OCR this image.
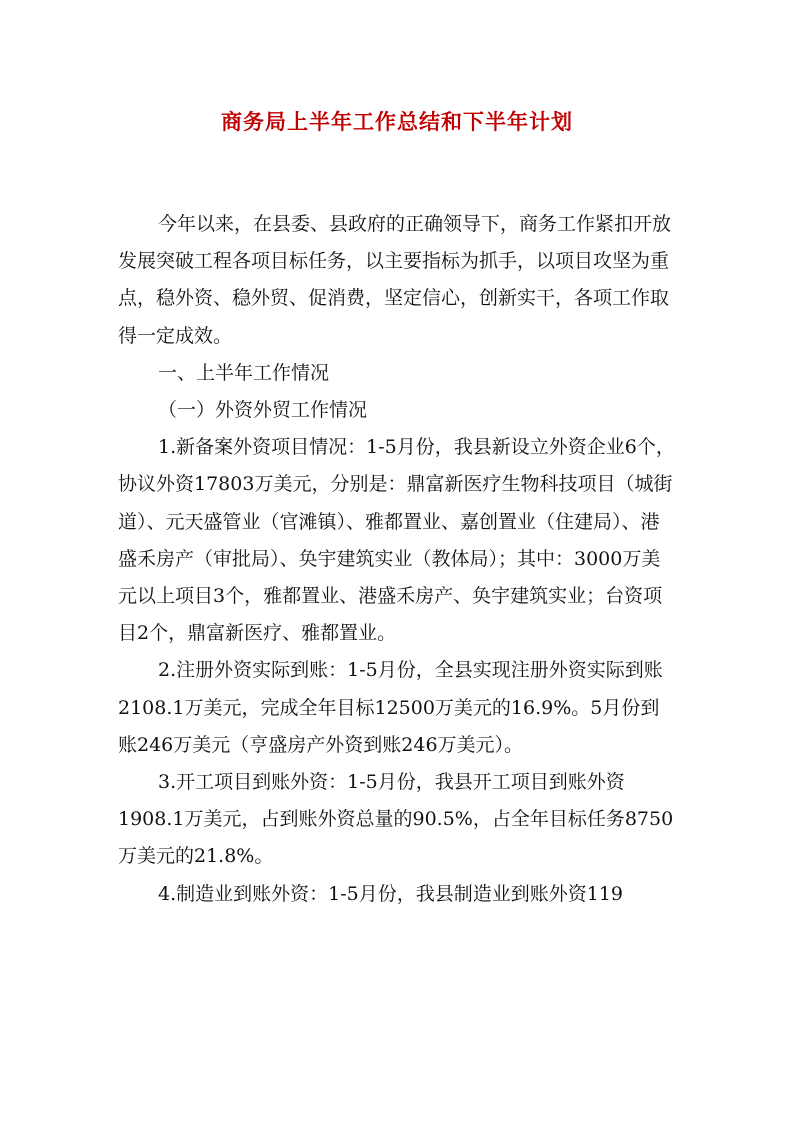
商务局上半年工作总结和下半年计划

今年以来，在县委、县政府的正确领导下，商务工作紧扣开放发展突破工程各项目标任务，以主要指标为抓手，以项目攻坚为重点，稳外资、稳外贸、促消费，坚定信心，创新实干，各项工作取得一定成效。

一、上半年工作情况

（一）外资外贸工作情况

1.新备案外资项目情况：1-5月份，我县新设立外资企业6个，协议外资17803万美元，分别是：鼎富新医疗生物科技项目（城街道）、元天盛管业（官滩镇）、雅都置业、嘉创置业（住建局）、港盛禾房产（审批局）、奂宇建筑实业（教体局）；其中：3000万美元以上项目3个，雅都置业、港盛禾房产、奂宇建筑实业；台资项目2个，鼎富新医疗、雅都置业。

2.注册外资实际到账：1-5月份，全县实现注册外资实际到账2108.1万美元，完成全年目标12500万美元的16.9%。5月份到账246万美元（亨盛房产外资到账246万美元）。

3.开工项目到账外资：1-5月份，我县开工项目到账外资1908.1万美元，占到账外资总量的90.5%，占全年目标任务8750万美元的21.8%。

4.制造业到账外资：1-5月份，我县制造业到账外资119
